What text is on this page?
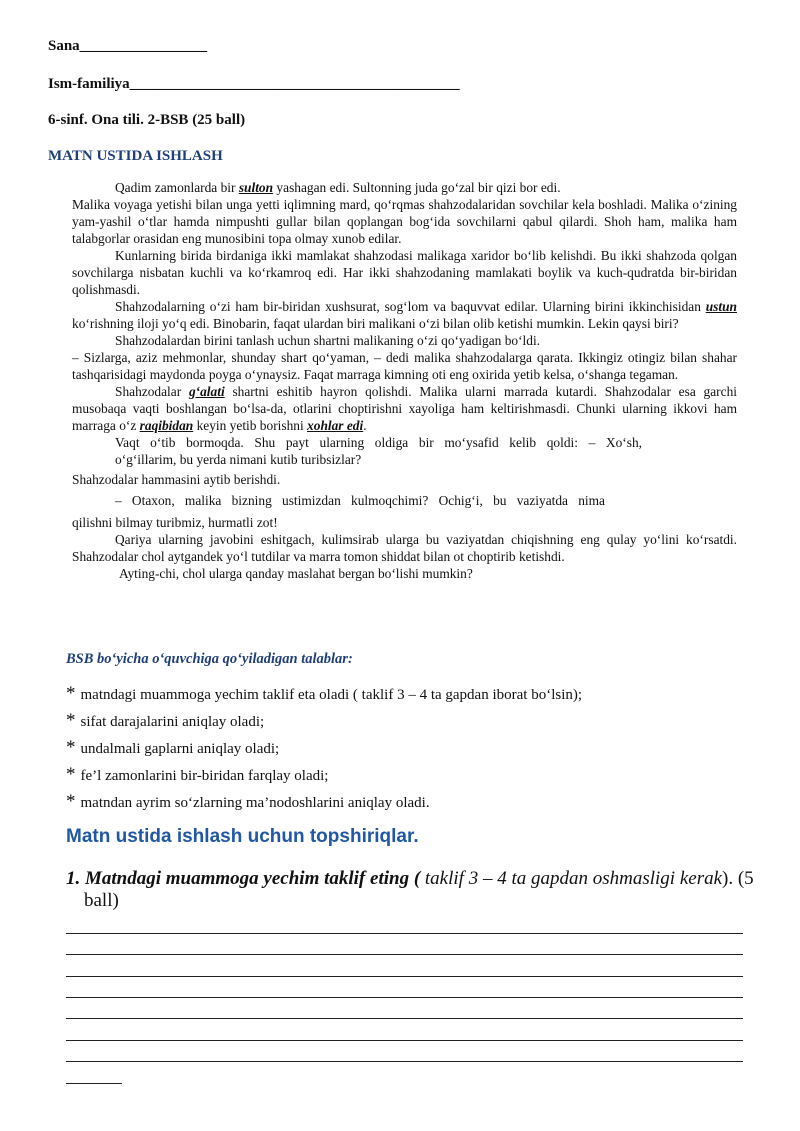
Sana_________________
Ism-familiya____________________________________________
6-sinf. Ona tili. 2-BSB (25 ball)
MATN USTIDA ISHLASH

Qadim zamonlarda bir sulton yashagan edi. Sultonning juda go‘zal bir qizi bor edi.

Malika voyaga yetishi bilan unga yetti iqlimning mard, qo‘rqmas shahzodalaridan sovchilar kela boshladi. Malika o‘zining yam-yashil o‘tlar hamda nimpushti gullar bilan qoplangan bog‘ida sovchilarni qabul qilardi. Shoh ham, malika ham talabgorlar orasidan eng munosibini topa olmay xunob edilar.

Kunlarning birida birdaniga ikki mamlakat shahzodasi malikaga xaridor bo‘lib kelishdi. Bu ikki shahzoda qolgan sovchilarga nisbatan kuchli va ko‘rkamroq edi. Har ikki shahzodaning mamlakati boylik va kuch-qudratda bir-biridan qolishmasdi.

Shahzodalarning o‘zi ham bir-biridan xushsurat, sog‘lom va baquvvat edilar. Ularning birini ikkinchisidan ustun ko‘rishning iloji yo‘q edi. Binobarin, faqat ulardan biri malikani o‘zi bilan olib ketishi mumkin. Lekin qaysi biri?

Shahzodalardan birini tanlash uchun shartni malikaning o‘zi qo‘yadigan bo‘ldi.

– Sizlarga, aziz mehmonlar, shunday shart qo‘yaman, – dedi malika shahzodalarga qarata. Ikkingiz otingiz bilan shahar tashqarisidagi maydonda poyga o‘ynaysiz. Faqat marraga kimning oti eng oxirida yetib kelsa, o‘shanga tegaman.

Shahzodalar g‘alati shartni eshitib hayron qolishdi. Malika ularni marrada kutardi. Shahzodalar esa garchi musobaqa vaqti boshlangan bo‘lsa-da, otlarini choptirishni xayoliga ham keltirishmasdi. Chunki ularning ikkovi ham marraga o‘z raqibidan keyin yetib borishni xohlar edi.

Vaqt o‘tib bormoqda. Shu payt ularning oldiga bir mo‘ysafid kelib qoldi: – Xo‘sh,

o‘g‘illarim, bu yerda nimani kutib turibsizlar?

Shahzodalar hammasini aytib berishdi.

– Otaxon, malika bizning ustimizdan kulmoqchimi? Ochig‘i, bu vaziyatda nima

qilishni bilmay turibmiz, hurmatli zot!

Qariya ularning javobini eshitgach, kulimsirab ularga bu vaziyatdan chiqishning eng qulay yo‘lini ko‘rsatdi. Shahzodalar chol aytgandek yo‘l tutdilar va marra tomon shiddat bilan ot choptirib ketishdi.

Ayting-chi, chol ularga qanday maslahat bergan bo‘lishi mumkin?

BSB bo‘yicha o‘quvchiga qo‘yiladigan talablar:
* matndagi muammoga yechim taklif eta oladi ( taklif 3 – 4 ta gapdan iborat bo‘lsin);
* sifat darajalarini aniqlay oladi;
* undalmali gaplarni aniqlay oladi;
* fe’l zamonlarini bir-biridan farqlay oladi;
* matndan ayrim so‘zlarning ma’nodoshlarini aniqlay oladi.
Matn ustida ishlash uchun topshiriqlar.
1. Matndagi muammoga yechim taklif eting ( taklif 3 – 4 ta gapdan oshmasligi kerak). (5
ball)
